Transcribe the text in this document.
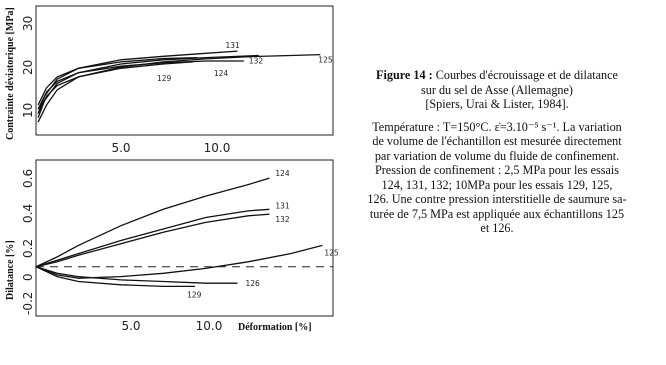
Contrainte déviatorique [MPa]
Dilatance [%]
Déformation [%]
10
20
30
-0.2
0
0.2
0.4
0.6
5.0	10.0
5.0	10.0
131
132
124
125
129
124
131
132
125
126
129
Figure 14 : Courbes d'écrouissage et de dilatance
sur du sel de Asse (Allemagne)
[Spiers, Urai & Lister, 1984].
Température : T=150°C. ε̇=3.10⁻⁵ s⁻¹. La variation
de volume de l'échantillon est mesurée directement
par variation de volume du fluide de confinement.
Pression de confinement : 2,5 MPa pour les essais
124, 131, 132; 10MPa pour les essais 129, 125,
126. Une contre pression interstitielle de saumure sa-
turée de 7,5 MPa est appliquée aux échantillons 125
et 126.
